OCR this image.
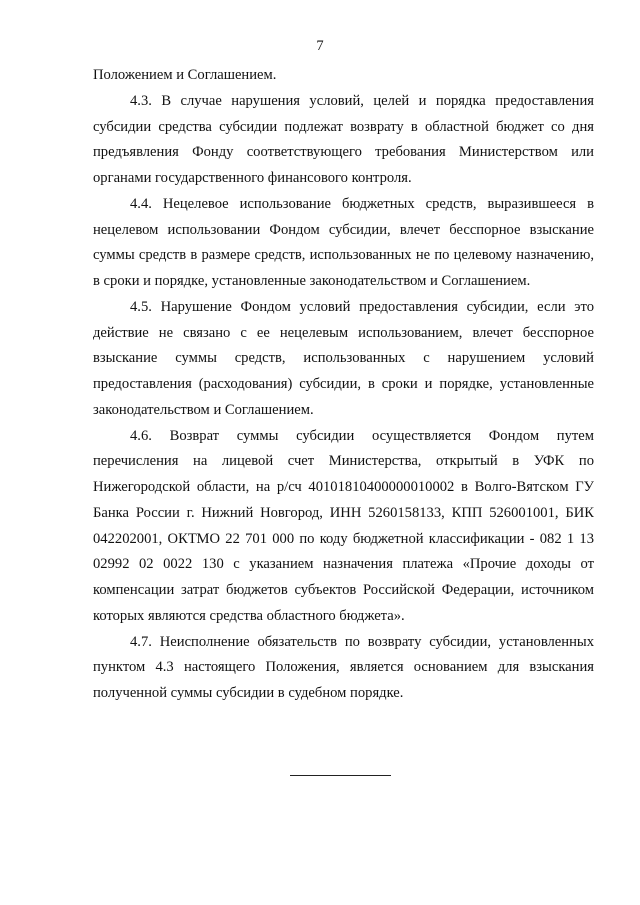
7

Положением и Соглашением.

4.3. В случае нарушения условий, целей и порядка предоставления субсидии средства субсидии подлежат возврату в областной бюджет со дня предъявления Фонду соответствующего требования Министерством или органами государственного финансового контроля.

4.4. Нецелевое использование бюджетных средств, выразившееся в нецелевом использовании Фондом субсидии, влечет бесспорное взыскание суммы средств в размере средств, использованных не по целевому назначению, в сроки и порядке, установленные законодательством и Соглашением.

4.5. Нарушение Фондом условий предоставления субсидии, если это действие не связано с ее нецелевым использованием, влечет бесспорное взыскание суммы средств, использованных с нарушением условий предоставления (расходования) субсидии, в сроки и порядке, установленные законодательством и Соглашением.

4.6. Возврат суммы субсидии осуществляется Фондом путем перечисления на лицевой счет Министерства, открытый в УФК по Нижегородской области, на р/сч 40101810400000010002 в Волго-Вятском ГУ Банка России г. Нижний Новгород, ИНН 5260158133, КПП 526001001, БИК 042202001, ОКТМО 22 701 000 по коду бюджетной классификации - 082 1 13 02992 02 0022 130 с указанием назначения платежа «Прочие доходы от компенсации затрат бюджетов субъектов Российской Федерации, источником которых являются средства областного бюджета».

4.7. Неисполнение обязательств по возврату субсидии, установленных пунктом 4.3 настоящего Положения, является основанием для взыскания полученной суммы субсидии в судебном порядке.
